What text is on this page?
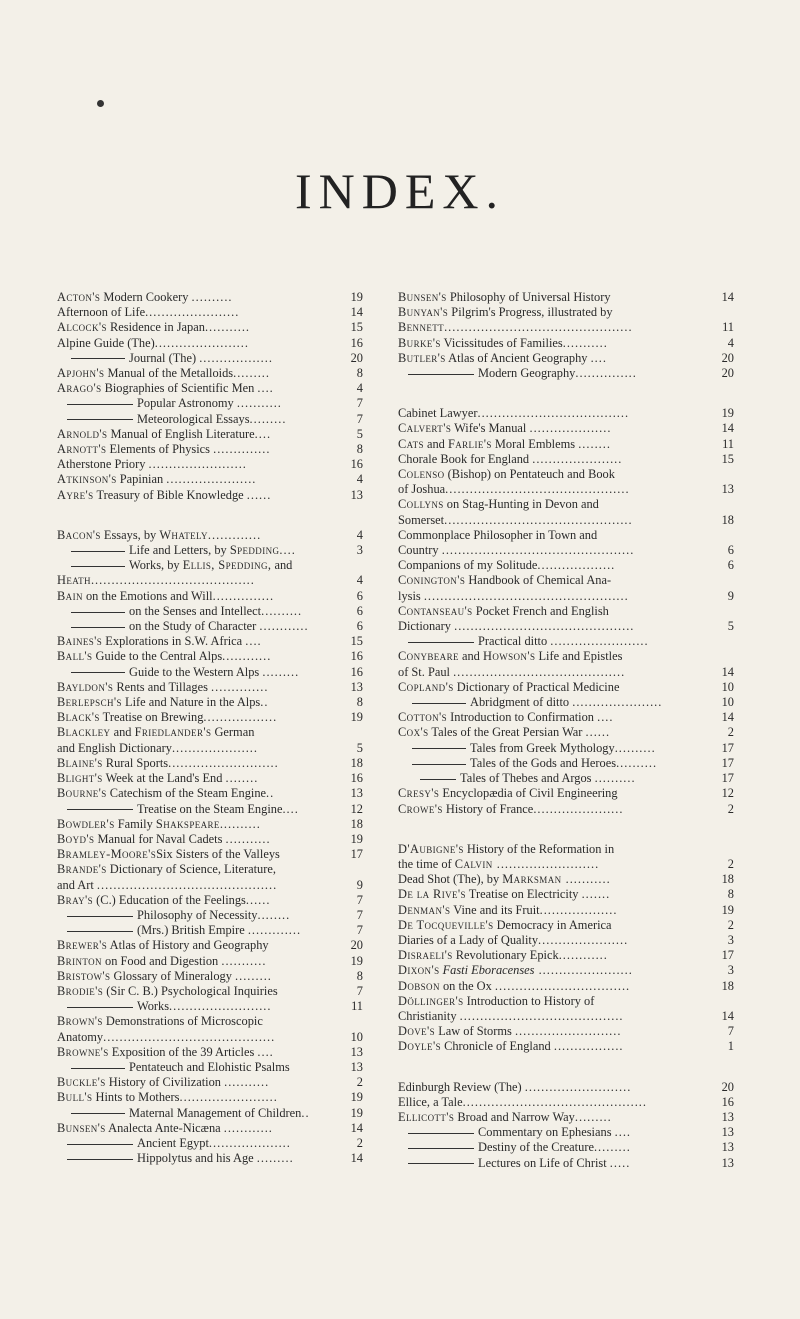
INDEX.
Acton's Modern Cookery ..........	19
Afternoon of Life.......................	14
Alcock's Residence in Japan...........	15
Alpine Guide (The).......................	16
Journal (The) ..................	20
Apjohn's Manual of the Metalloids.........	8
Arago's Biographies of Scientific Men ....	4
Popular Astronomy ...........	7
Meteorological Essays.........	7
Arnold's Manual of English Literature....	5
Arnott's Elements of Physics ..............	8
Atherstone Priory ........................	16
Atkinson's Papinian ......................	4
Ayre's Treasury of Bible Knowledge ......	13
Bacon's Essays, by Whately.............	4
Life and Letters, by Spedding....	3
Works, by Ellis, Spedding, and
Heath........................................	4
Bain on the Emotions and Will...............	6
on the Senses and Intellect..........	6
on the Study of Character ............	6
Baines's Explorations in S.W. Africa ....	15
Ball's Guide to the Central Alps............	16
Guide to the Western Alps .........	16
Bayldon's Rents and Tillages ..............	13
Berlepsch's Life and Nature in the Alps..	8
Black's Treatise on Brewing..................	19
Blackley and Friedlander's German
and English Dictionary.....................	5
Blaine's Rural Sports...........................	18
Blight's Week at the Land's End ........	16
Bourne's Catechism of the Steam Engine..	13
Treatise on the Steam Engine....	12
Bowdler's Family Shakspeare..........	18
Boyd's Manual for Naval Cadets ...........	19
Bramley-Moore'sSix Sisters of the Valleys	17
Brande's Dictionary of Science, Literature,
and Art ............................................	9
Bray's (C.) Education of the Feelings......	7
Philosophy of Necessity........	7
(Mrs.) British Empire .............	7
Brewer's Atlas of History and Geography	20
Brinton on Food and Digestion ...........	19
Bristow's Glossary of Mineralogy .........	8
Brodie's (Sir C. B.) Psychological Inquiries	7
Works.........................	11
Brown's Demonstrations of Microscopic
Anatomy..........................................	10
Browne's Exposition of the 39 Articles ....	13
Pentateuch and Elohistic Psalms	13
Buckle's History of Civilization ...........	2
Bull's Hints to Mothers........................	19
Maternal Management of Children..	19
Bunsen's Analecta Ante-Nicæna ............	14
Ancient Egypt....................	2
Hippolytus and his Age .........	14
Bunsen's Philosophy of Universal History	14
Bunyan's Pilgrim's Progress, illustrated by
Bennett..............................................	11
Burke's Vicissitudes of Families...........	4
Butler's Atlas of Ancient Geography ....	20
Modern Geography...............	20
Cabinet Lawyer.....................................	19
Calvert's Wife's Manual ....................	14
Cats and Farlie's Moral Emblems ........	11
Chorale Book for England ......................	15
Colenso (Bishop) on Pentateuch and Book
of Joshua.............................................	13
Collyns on Stag-Hunting in Devon and
Somerset..............................................	18
Commonplace Philosopher in Town and
Country ...............................................	6
Companions of my Solitude...................	6
Conington's Handbook of Chemical Ana-
lysis ..................................................	9
Contanseau's Pocket French and English
Dictionary ............................................	5
Practical ditto ........................
Conybeare and Howson's Life and Epistles
of St. Paul ..........................................	14
Copland's Dictionary of Practical Medicine	10
Abridgment of ditto ......................	10
Cotton's Introduction to Confirmation ....	14
Cox's Tales of the Great Persian War ......	2
Tales from Greek Mythology..........	17
Tales of the Gods and Heroes..........	17
Tales of Thebes and Argos ..........	17
Cresy's Encyclopædia of Civil Engineering	12
Crowe's History of France......................	2
D'Aubigne's History of the Reformation in
the time of Calvin .........................	2
Dead Shot (The), by Marksman ...........	18
De la Rive's Treatise on Electricity .......	8
Denman's Vine and its Fruit...................	19
De Tocqueville's Democracy in America	2
Diaries of a Lady of Quality......................	3
Disraeli's Revolutionary Epick............	17
Dixon's Fasti Eboracenses .......................	3
Dobson on the Ox .................................	18
Döllinger's Introduction to History of
Christianity ........................................	14
Dove's Law of Storms ..........................	7
Doyle's Chronicle of England .................	1
Edinburgh Review (The) ..........................	20
Ellice, a Tale.............................................	16
Ellicott's Broad and Narrow Way.........	13
Commentary on Ephesians ....	13
Destiny of the Creature.........	13
Lectures on Life of Christ .....	13
